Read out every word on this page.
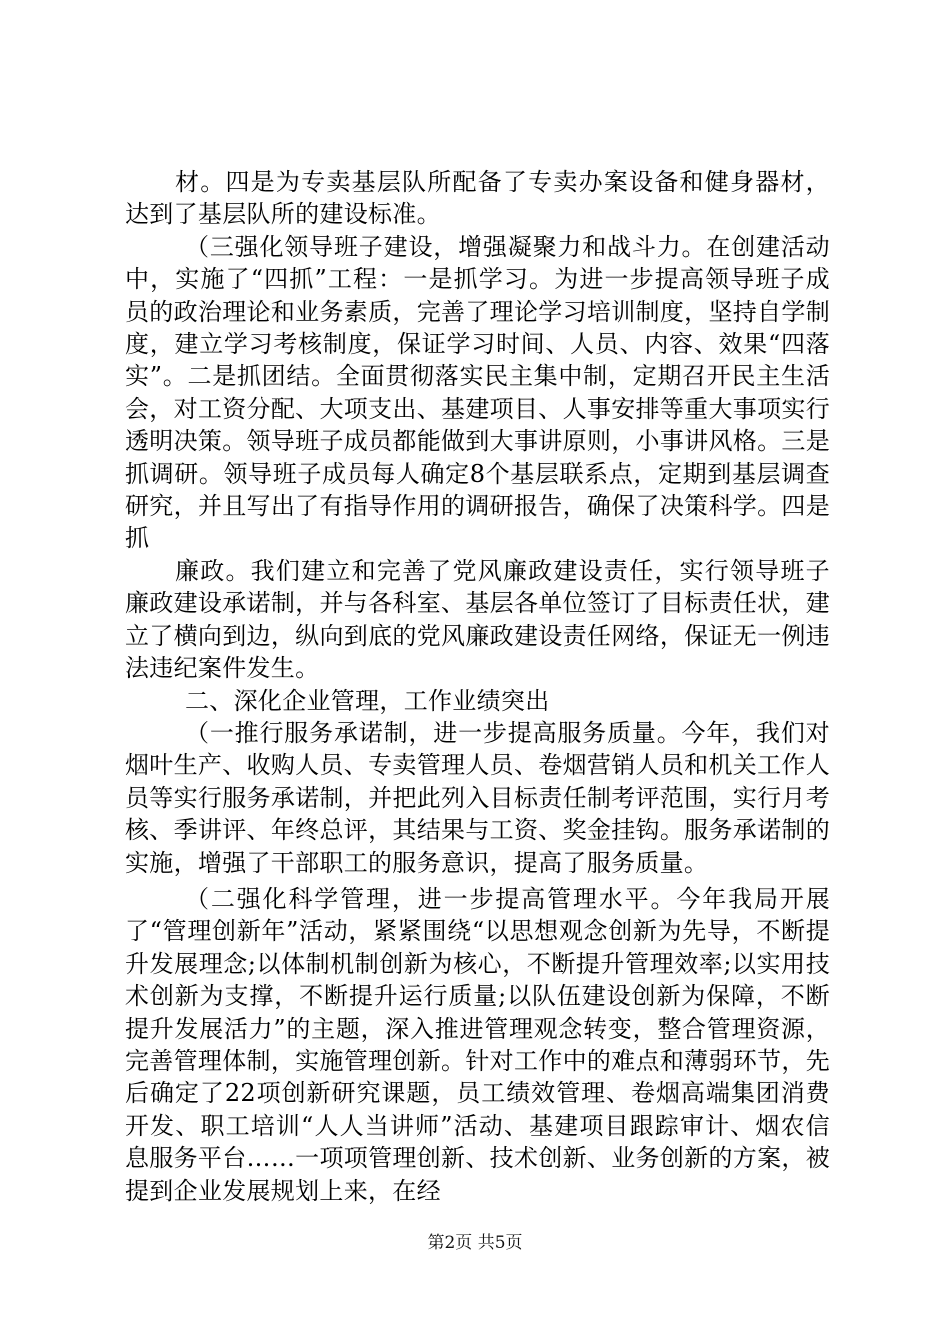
材。四是为专卖基层队所配备了专卖办案设备和健身器材，达到了基层队所的建设标准。

（三强化领导班子建设，增强凝聚力和战斗力。在创建活动中，实施了“四抓”工程：一是抓学习。为进一步提高领导班子成员的政治理论和业务素质，完善了理论学习培训制度，坚持自学制度，建立学习考核制度，保证学习时间、人员、内容、效果“四落实”。二是抓团结。全面贯彻落实民主集中制，定期召开民主生活会，对工资分配、大项支出、基建项目、人事安排等重大事项实行透明决策。领导班子成员都能做到大事讲原则，小事讲风格。三是抓调研。领导班子成员每人确定8个基层联系点，定期到基层调查研究，并且写出了有指导作用的调研报告，确保了决策科学。四是抓

廉政。我们建立和完善了党风廉政建设责任，实行领导班子廉政建设承诺制，并与各科室、基层各单位签订了目标责任状，建立了横向到边，纵向到底的党风廉政建设责任网络，保证无一例违法违纪案件发生。

二、深化企业管理，工作业绩突出

（一推行服务承诺制，进一步提高服务质量。今年，我们对烟叶生产、收购人员、专卖管理人员、卷烟营销人员和机关工作人员等实行服务承诺制，并把此列入目标责任制考评范围，实行月考核、季讲评、年终总评，其结果与工资、奖金挂钩。服务承诺制的实施，增强了干部职工的服务意识，提高了服务质量。

（二强化科学管理，进一步提高管理水平。今年我局开展了“管理创新年”活动，紧紧围绕“以思想观念创新为先导，不断提升发展理念;以体制机制创新为核心，不断提升管理效率;以实用技术创新为支撑，不断提升运行质量;以队伍建设创新为保障，不断提升发展活力”的主题，深入推进管理观念转变，整合管理资源，完善管理体制，实施管理创新。针对工作中的难点和薄弱环节，先后确定了22项创新研究课题，员工绩效管理、卷烟高端集团消费开发、职工培训“人人当讲师”活动、基建项目跟踪审计、烟农信息服务平台……一项项管理创新、技术创新、业务创新的方案，被提到企业发展规划上来，在经

第2页 共5页
